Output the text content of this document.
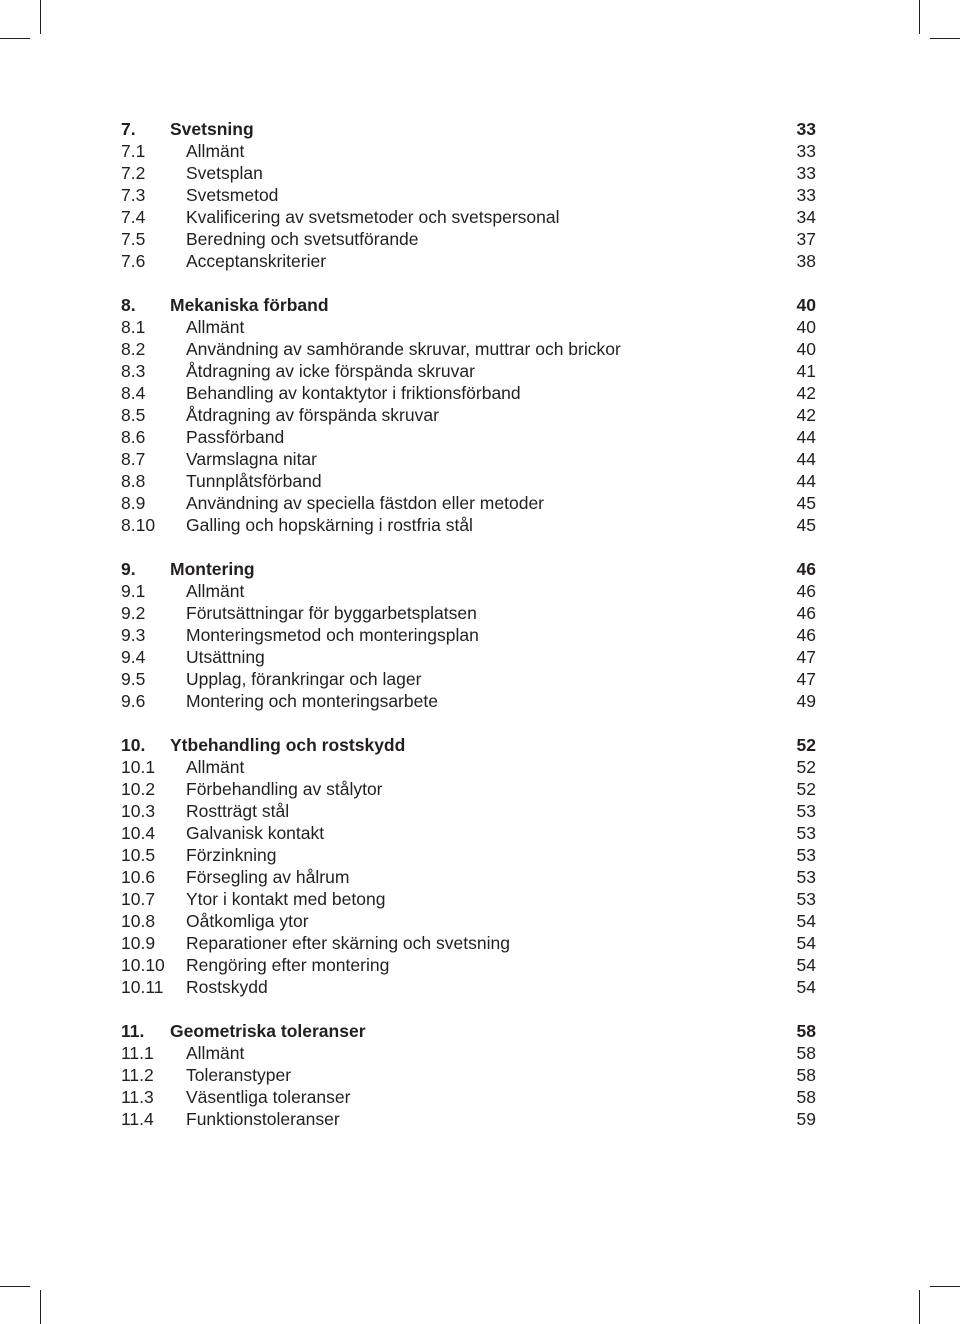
7. Svetsning	33
7.1 Allmänt	33
7.2 Svetsplan	33
7.3 Svetsmetod	33
7.4 Kvalificering av svetsmetoder och svetspersonal	34
7.5 Beredning och svetsutförande	37
7.6 Acceptanskriterier	38
8. Mekaniska förband	40
8.1 Allmänt	40
8.2 Användning av samhörande skruvar, muttrar och brickor	40
8.3 Åtdragning av icke förspända skruvar	41
8.4 Behandling av kontaktytor i friktionsförband	42
8.5 Åtdragning av förspända skruvar	42
8.6 Passförband	44
8.7 Varmslagna nitar	44
8.8 Tunnplåtsförband	44
8.9 Användning av speciella fästdon eller metoder	45
8.10 Galling och hopskärning i rostfria stål	45
9. Montering	46
9.1 Allmänt	46
9.2 Förutsättningar för byggarbetsplatsen	46
9.3 Monteringsmetod och monteringsplan	46
9.4 Utsättning	47
9.5 Upplag, förankringar och lager	47
9.6 Montering och monteringsarbete	49
10. Ytbehandling och rostskydd	52
10.1 Allmänt	52
10.2 Förbehandling av stålytor	52
10.3 Rostträgt stål	53
10.4 Galvanisk kontakt	53
10.5 Förzinkning	53
10.6 Försegling av hålrum	53
10.7 Ytor i kontakt med betong	53
10.8 Oåtkomliga ytor	54
10.9 Reparationer efter skärning och svetsning	54
10.10 Rengöring efter montering	54
10.11 Rostskydd	54
11. Geometriska toleranser	58
11.1 Allmänt	58
11.2 Toleranstyper	58
11.3 Väsentliga toleranser	58
11.4 Funktionstoleranser	59
